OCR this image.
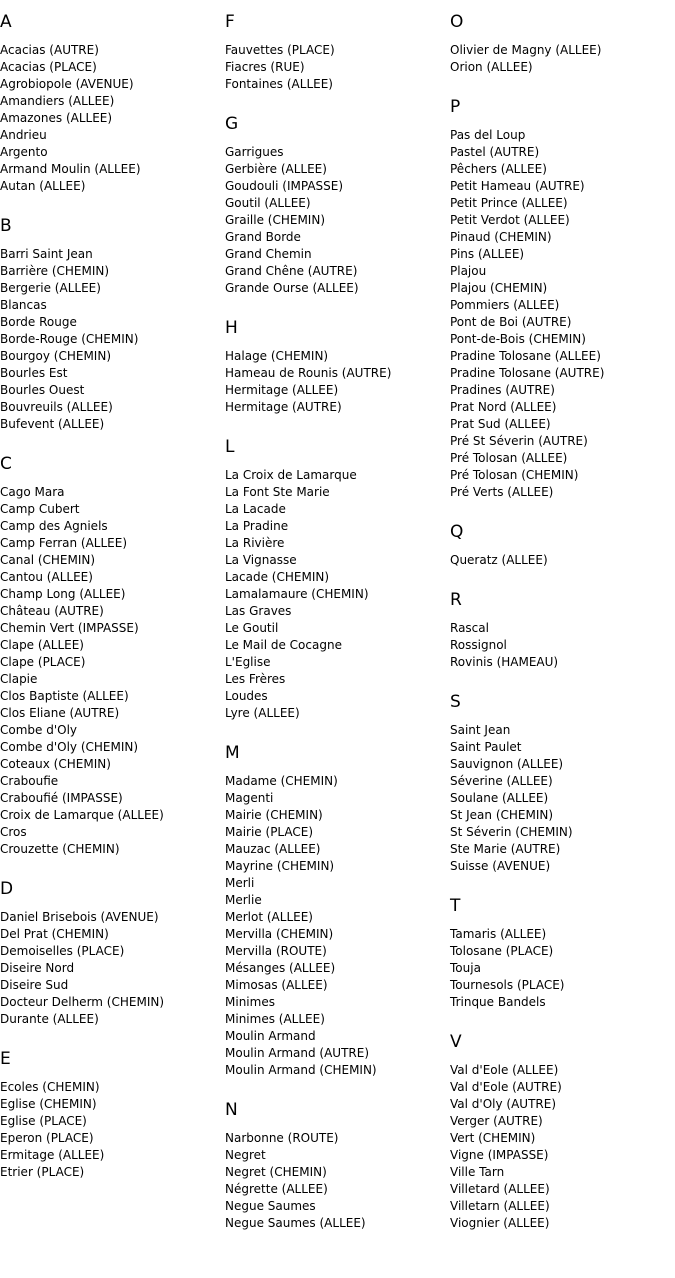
A
Acacias (AUTRE)
Acacias (PLACE)
Agrobiopole (AVENUE)
Amandiers (ALLEE)
Amazones (ALLEE)
Andrieu
Argento
Armand Moulin (ALLEE)
Autan (ALLEE)
B
Barri Saint Jean
Barrière (CHEMIN)
Bergerie (ALLEE)
Blancas
Borde Rouge
Borde-Rouge (CHEMIN)
Bourgoy (CHEMIN)
Bourles Est
Bourles Ouest
Bouvreuils (ALLEE)
Bufevent (ALLEE)
C
Cago Mara
Camp Cubert
Camp des Agniels
Camp Ferran (ALLEE)
Canal (CHEMIN)
Cantou (ALLEE)
Champ Long (ALLEE)
Château (AUTRE)
Chemin Vert (IMPASSE)
Clape (ALLEE)
Clape (PLACE)
Clapie
Clos Baptiste (ALLEE)
Clos Eliane (AUTRE)
Combe d'Oly
Combe d'Oly (CHEMIN)
Coteaux (CHEMIN)
Craboufie
Craboufié (IMPASSE)
Croix de Lamarque (ALLEE)
Cros
Crouzette (CHEMIN)
D
Daniel Brisebois (AVENUE)
Del Prat (CHEMIN)
Demoiselles (PLACE)
Diseire Nord
Diseire Sud
Docteur Delherm (CHEMIN)
Durante (ALLEE)
E
Ecoles (CHEMIN)
Eglise (CHEMIN)
Eglise (PLACE)
Eperon (PLACE)
Ermitage (ALLEE)
Etrier (PLACE)
F
Fauvettes (PLACE)
Fiacres (RUE)
Fontaines (ALLEE)
G
Garrigues
Gerbière (ALLEE)
Goudouli (IMPASSE)
Goutil (ALLEE)
Graille (CHEMIN)
Grand Borde
Grand Chemin
Grand Chêne (AUTRE)
Grande Ourse (ALLEE)
H
Halage (CHEMIN)
Hameau de Rounis (AUTRE)
Hermitage (ALLEE)
Hermitage (AUTRE)
L
La Croix de Lamarque
La Font Ste Marie
La Lacade
La Pradine
La Rivière
La Vignasse
Lacade (CHEMIN)
Lamalamaure (CHEMIN)
Las Graves
Le Goutil
Le Mail de Cocagne
L'Eglise
Les Frères
Loudes
Lyre (ALLEE)
M
Madame (CHEMIN)
Magenti
Mairie (CHEMIN)
Mairie (PLACE)
Mauzac (ALLEE)
Mayrine (CHEMIN)
Merli
Merlie
Merlot (ALLEE)
Mervilla (CHEMIN)
Mervilla (ROUTE)
Mésanges (ALLEE)
Mimosas (ALLEE)
Minimes
Minimes (ALLEE)
Moulin Armand
Moulin Armand (AUTRE)
Moulin Armand (CHEMIN)
N
Narbonne (ROUTE)
Negret
Negret (CHEMIN)
Négrette (ALLEE)
Negue Saumes
Negue Saumes (ALLEE)
O
Olivier de Magny (ALLEE)
Orion (ALLEE)
P
Pas del Loup
Pastel (AUTRE)
Pêchers (ALLEE)
Petit Hameau (AUTRE)
Petit Prince (ALLEE)
Petit Verdot (ALLEE)
Pinaud (CHEMIN)
Pins (ALLEE)
Plajou
Plajou (CHEMIN)
Pommiers (ALLEE)
Pont de Boi (AUTRE)
Pont-de-Bois (CHEMIN)
Pradine Tolosane (ALLEE)
Pradine Tolosane (AUTRE)
Pradines (AUTRE)
Prat Nord (ALLEE)
Prat Sud (ALLEE)
Pré St Séverin (AUTRE)
Pré Tolosan (ALLEE)
Pré Tolosan (CHEMIN)
Pré Verts (ALLEE)
Q
Queratz (ALLEE)
R
Rascal
Rossignol
Rovinis (HAMEAU)
S
Saint Jean
Saint Paulet
Sauvignon (ALLEE)
Séverine (ALLEE)
Soulane (ALLEE)
St Jean (CHEMIN)
St Séverin (CHEMIN)
Ste Marie (AUTRE)
Suisse (AVENUE)
T
Tamaris (ALLEE)
Tolosane (PLACE)
Touja
Tournesols (PLACE)
Trinque Bandels
V
Val d'Eole (ALLEE)
Val d'Eole (AUTRE)
Val d'Oly (AUTRE)
Verger (AUTRE)
Vert (CHEMIN)
Vigne (IMPASSE)
Ville Tarn
Villetard (ALLEE)
Villetarn (ALLEE)
Viognier (ALLEE)
